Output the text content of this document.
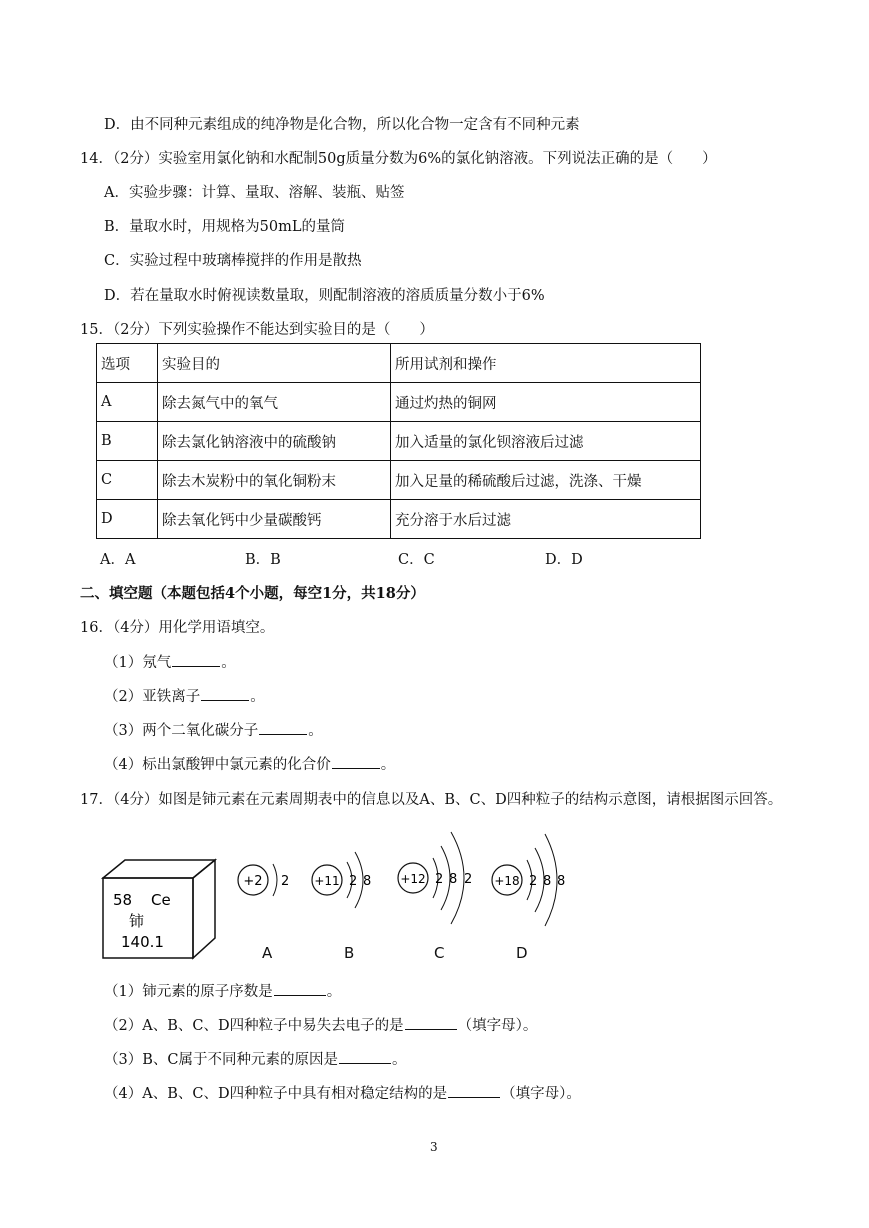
D．由不同种元素组成的纯净物是化合物，所以化合物一定含有不同种元素
14．（2分）实验室用氯化钠和水配制50g质量分数为6%的氯化钠溶液。下列说法正确的是（　　）
A．实验步骤：计算、量取、溶解、装瓶、贴签
B．量取水时，用规格为50mL的量筒
C．实验过程中玻璃棒搅拌的作用是散热
D．若在量取水时俯视读数量取，则配制溶液的溶质质量分数小于6%
15．（2分）下列实验操作不能达到实验目的是（　　）
选项	实验目的	所用试剂和操作
A	除去氮气中的氧气	通过灼热的铜网
B	除去氯化钠溶液中的硫酸钠	加入适量的氯化钡溶液后过滤
C	除去木炭粉中的氧化铜粉末	加入足量的稀硫酸后过滤，洗涤、干燥
D	除去氧化钙中少量碳酸钙	充分溶于水后过滤
A．A	B．B	C．C	D．D
二、填空题（本题包括4个小题，每空1分，共18分）
16．（4分）用化学用语填空。
（1）氖气	。
（2）亚铁离子	。
（3）两个二氧化碳分子	。
（4）标出氯酸钾中氯元素的化合价	。
17．（4分）如图是铈元素在元素周期表中的信息以及A、B、C、D四种粒子的结构示意图，请根据图示回答。
58 Ce
铈
140.1
+2 2 +11 2 8 +12 2 8 2 +18 2 8 8
A	B	C	D
（1）铈元素的原子序数是	。
（2）A、B、C、D四种粒子中易失去电子的是	（填字母）。
（3）B、C属于不同种元素的原因是	。
（4）A、B、C、D四种粒子中具有相对稳定结构的是	（填字母）。
3
